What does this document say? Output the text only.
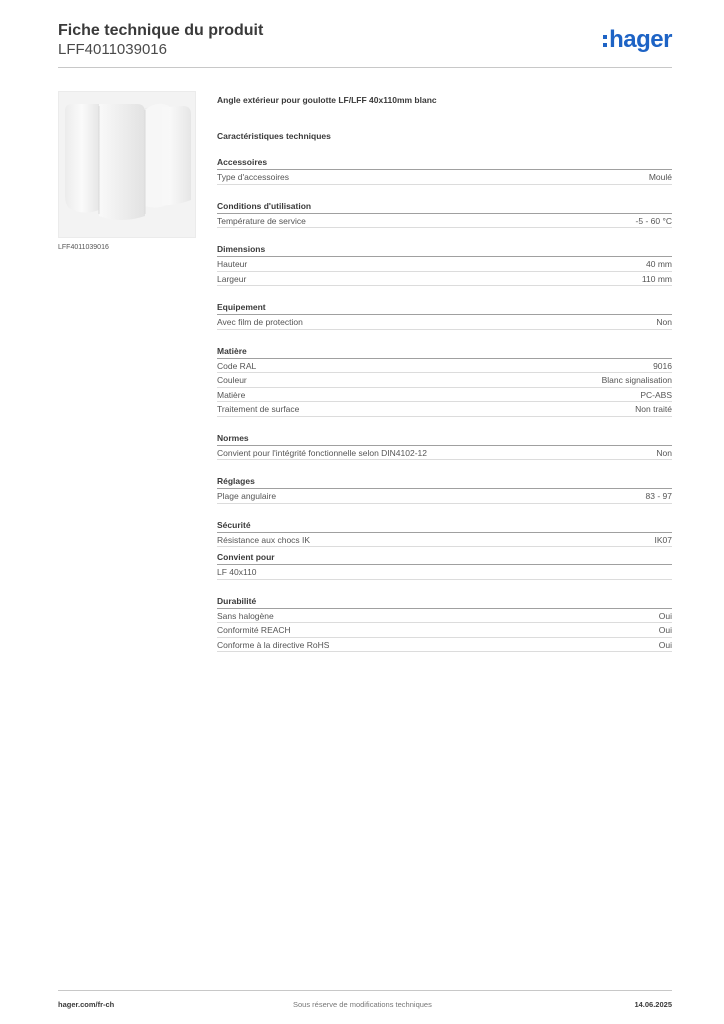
Fiche technique du produit
LFF4011039016	hager
LFF4011039016
Angle extérieur pour goulotte LF/LFF 40x110mm blanc
Caractéristiques techniques
Accessoires
Type d'accessoires	Moulé
Conditions d'utilisation
Température de service	-5 - 60 °C
Dimensions
Hauteur	40 mm
Largeur	110 mm
Equipement
Avec film de protection	Non
Matière
Code RAL	9016
Couleur	Blanc signalisation
Matière	PC-ABS
Traitement de surface	Non traité
Normes
Convient pour l'intégrité fonctionnelle selon DIN4102-12	Non
Réglages
Plage angulaire	83 - 97
Sécurité
Résistance aux chocs IK	IK07
Convient pour
LF 40x110
Durabilité
Sans halogène	Oui
Conformité REACH	Oui
Conforme à la directive RoHS	Oui
hager.com/fr-ch	Sous réserve de modifications techniques	14.06.2025
